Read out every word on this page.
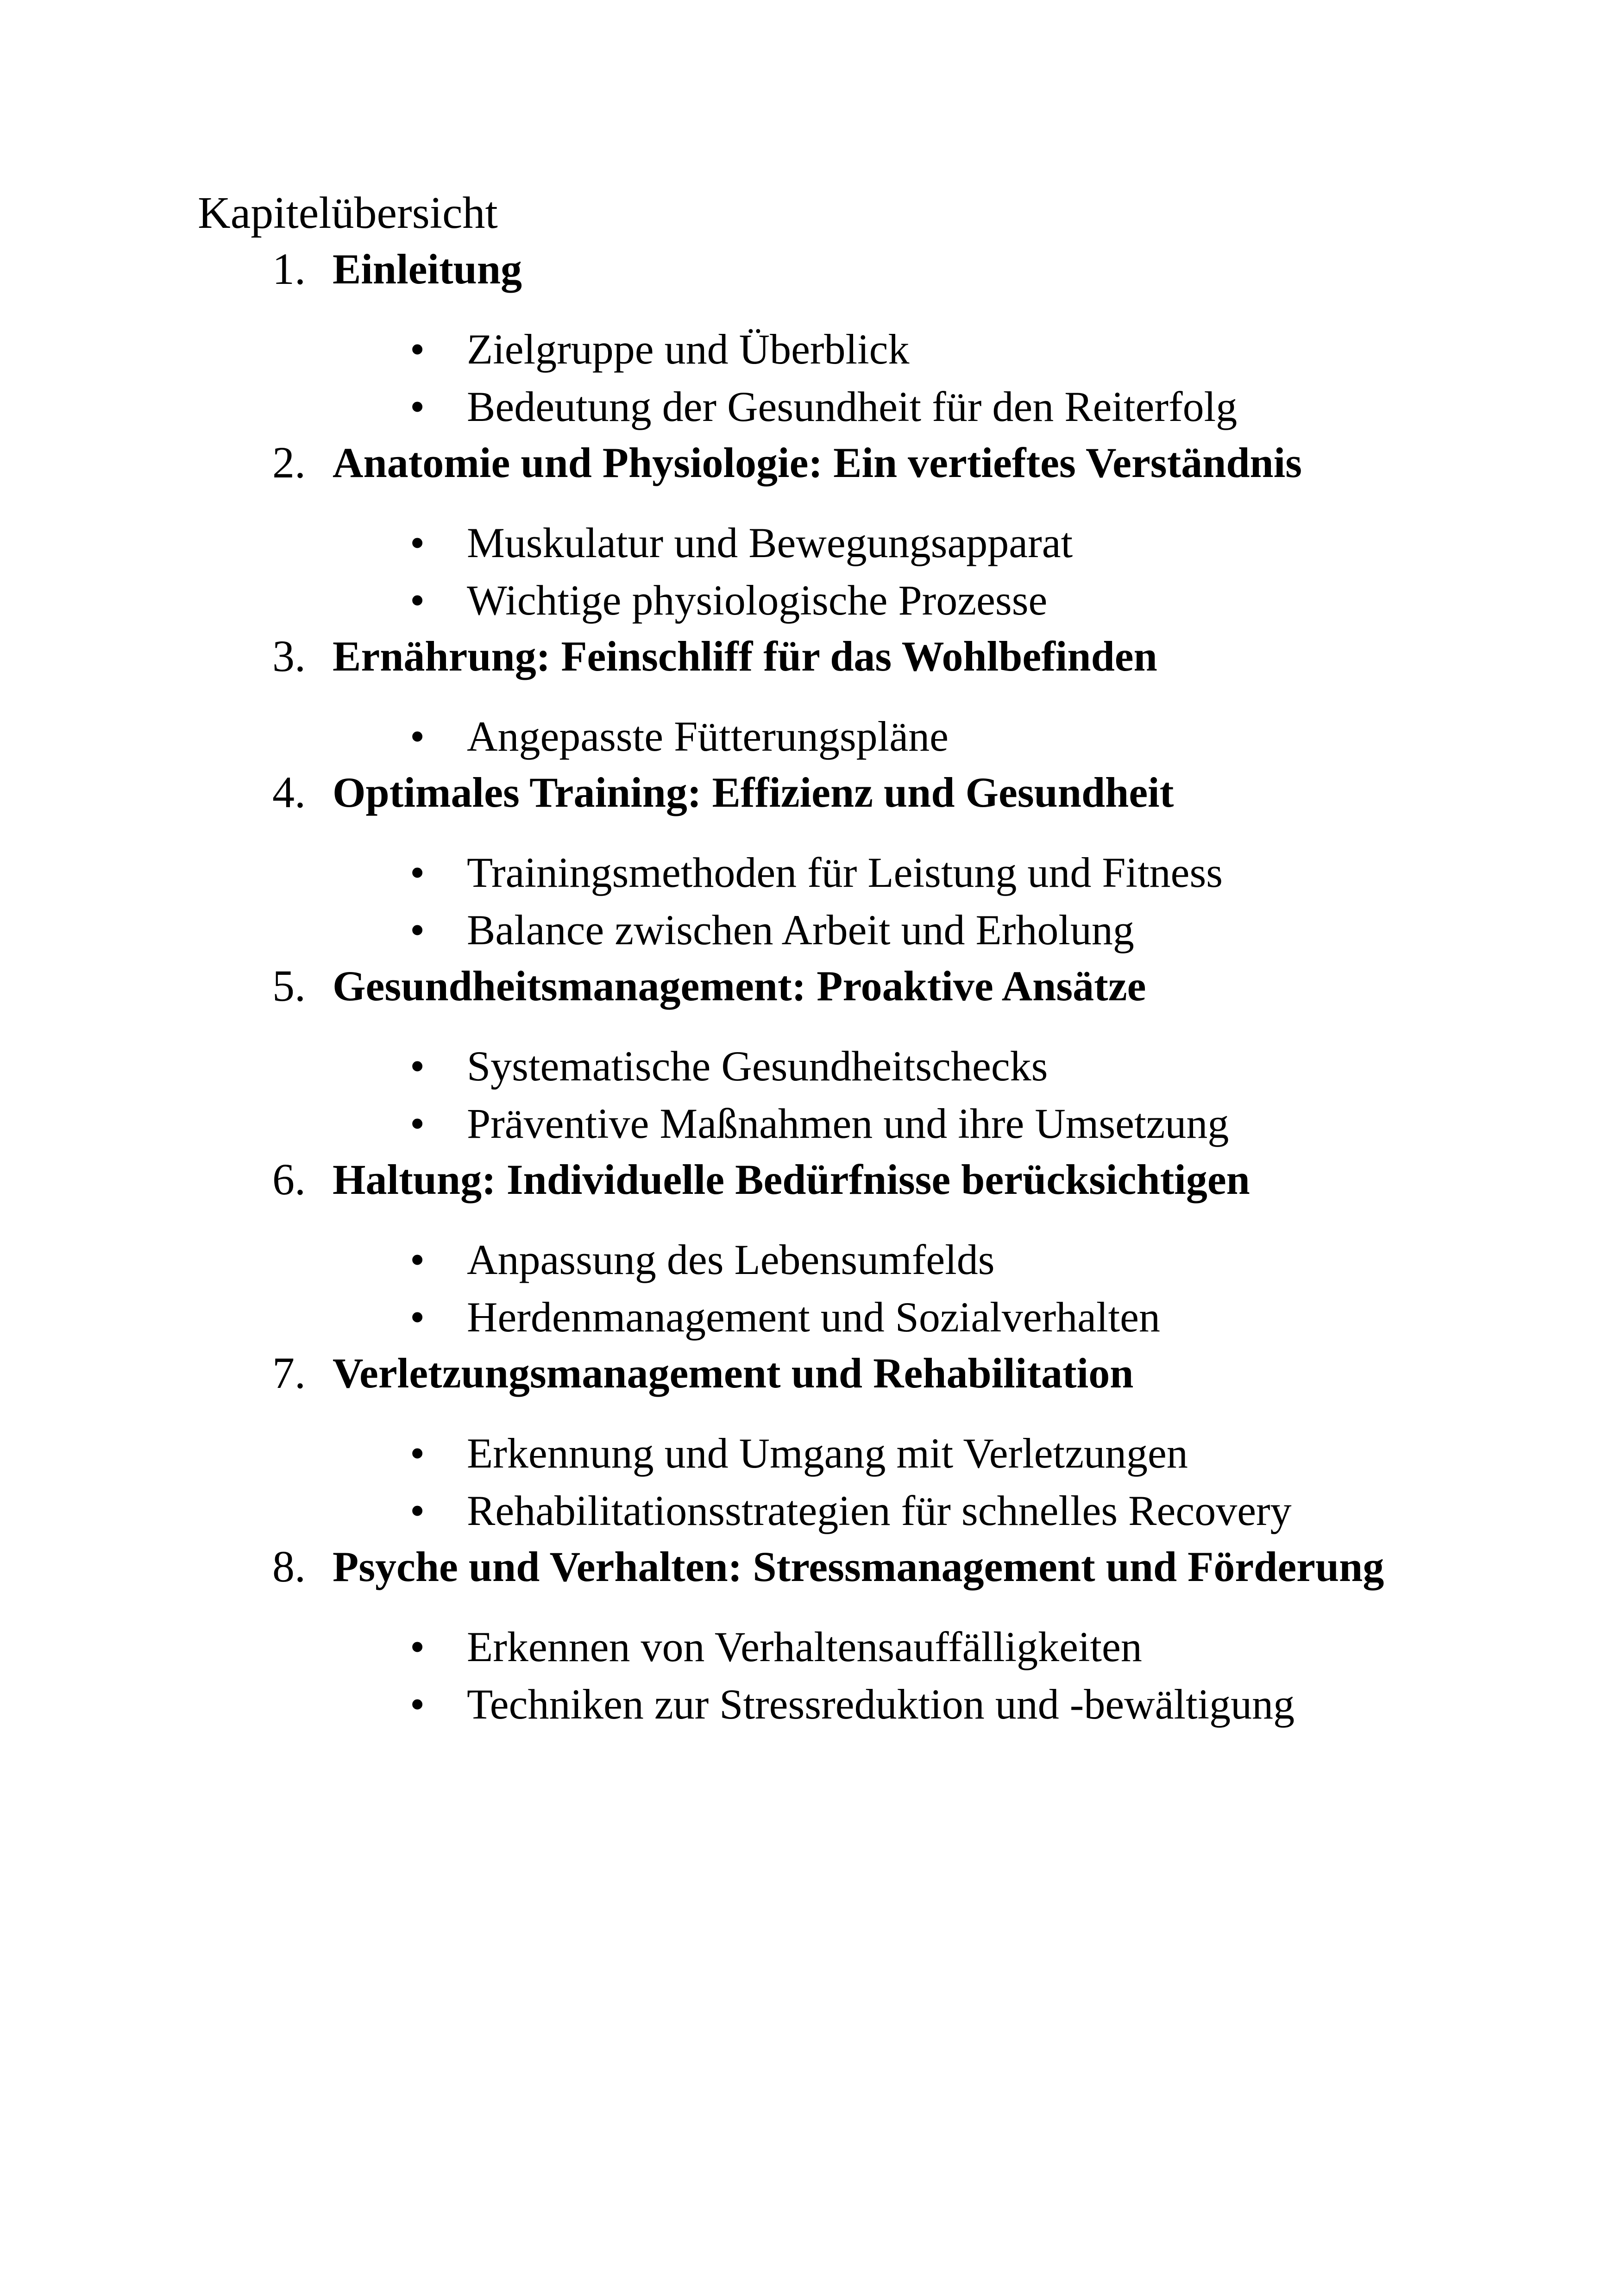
Kapitelübersicht
1. Einleitung
• Zielgruppe und Überblick
• Bedeutung der Gesundheit für den Reiterfolg
2. Anatomie und Physiologie: Ein vertieftes Verständnis
• Muskulatur und Bewegungsapparat
• Wichtige physiologische Prozesse
3. Ernährung: Feinschliff für das Wohlbefinden
• Angepasste Fütterungspläne
4. Optimales Training: Effizienz und Gesundheit
• Trainingsmethoden für Leistung und Fitness
• Balance zwischen Arbeit und Erholung
5. Gesundheitsmanagement: Proaktive Ansätze
• Systematische Gesundheitschecks
• Präventive Maßnahmen und ihre Umsetzung
6. Haltung: Individuelle Bedürfnisse berücksichtigen
• Anpassung des Lebensumfelds
• Herdenmanagement und Sozialverhalten
7. Verletzungsmanagement und Rehabilitation
• Erkennung und Umgang mit Verletzungen
• Rehabilitationsstrategien für schnelles Recovery
8. Psyche und Verhalten: Stressmanagement und Förderung
• Erkennen von Verhaltensauffälligkeiten
• Techniken zur Stressreduktion und -bewältigung
